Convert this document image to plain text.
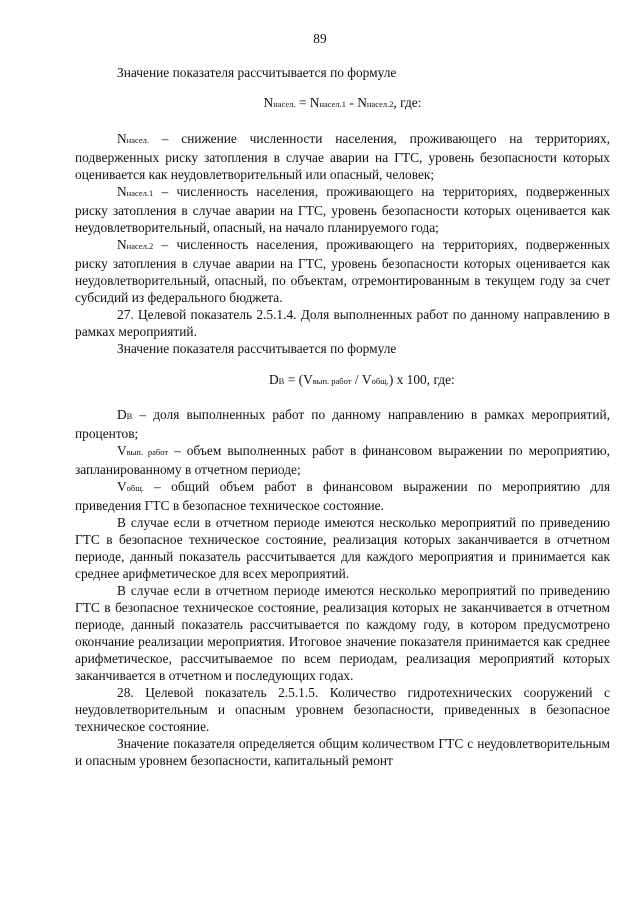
89

Значение показателя рассчитывается по формуле

Nнасел. = Nнасел.1 - Nнасел.2, где:

Nнасел. – снижение численности населения, проживающего на территориях, подверженных риску затопления в случае аварии на ГТС, уровень безопасности которых оценивается как неудовлетворительный или опасный, человек;

Nнасел.1 – численность населения, проживающего на территориях, подверженных риску затопления в случае аварии на ГТС, уровень безопасности которых оценивается как неудовлетворительный, опасный, на начало планируемого года;

Nнасел.2 – численность населения, проживающего на территориях, подверженных риску затопления в случае аварии на ГТС, уровень безопасности которых оценивается как неудовлетворительный, опасный, по объектам, отремонтированным в текущем году за счет субсидий из федерального бюджета.

27. Целевой показатель 2.5.1.4. Доля выполненных работ по данному направлению в рамках мероприятий.

Значение показателя рассчитывается по формуле

DВ = (Vвып. работ / Vобщ.) x 100, где:

DВ – доля выполненных работ по данному направлению в рамках мероприятий, процентов;

Vвып. работ – объем выполненных работ в финансовом выражении по мероприятию, запланированному в отчетном периоде;

Vобщ. – общий объем работ в финансовом выражении по мероприятию для приведения ГТС в безопасное техническое состояние.

В случае если в отчетном периоде имеются несколько мероприятий по приведению ГТС в безопасное техническое состояние, реализация которых заканчивается в отчетном периоде, данный показатель рассчитывается для каждого мероприятия и принимается как среднее арифметическое для всех мероприятий.

В случае если в отчетном периоде имеются несколько мероприятий по приведению ГТС в безопасное техническое состояние, реализация которых не заканчивается в отчетном периоде, данный показатель рассчитывается по каждому году, в котором предусмотрено окончание реализации мероприятия. Итоговое значение показателя принимается как среднее арифметическое, рассчитываемое по всем периодам, реализация мероприятий которых заканчивается в отчетном и последующих годах.

28. Целевой показатель 2.5.1.5. Количество гидротехнических сооружений с неудовлетворительным и опасным уровнем безопасности, приведенных в безопасное техническое состояние.

Значение показателя определяется общим количеством ГТС с неудовлетворительным и опасным уровнем безопасности, капитальный ремонт
